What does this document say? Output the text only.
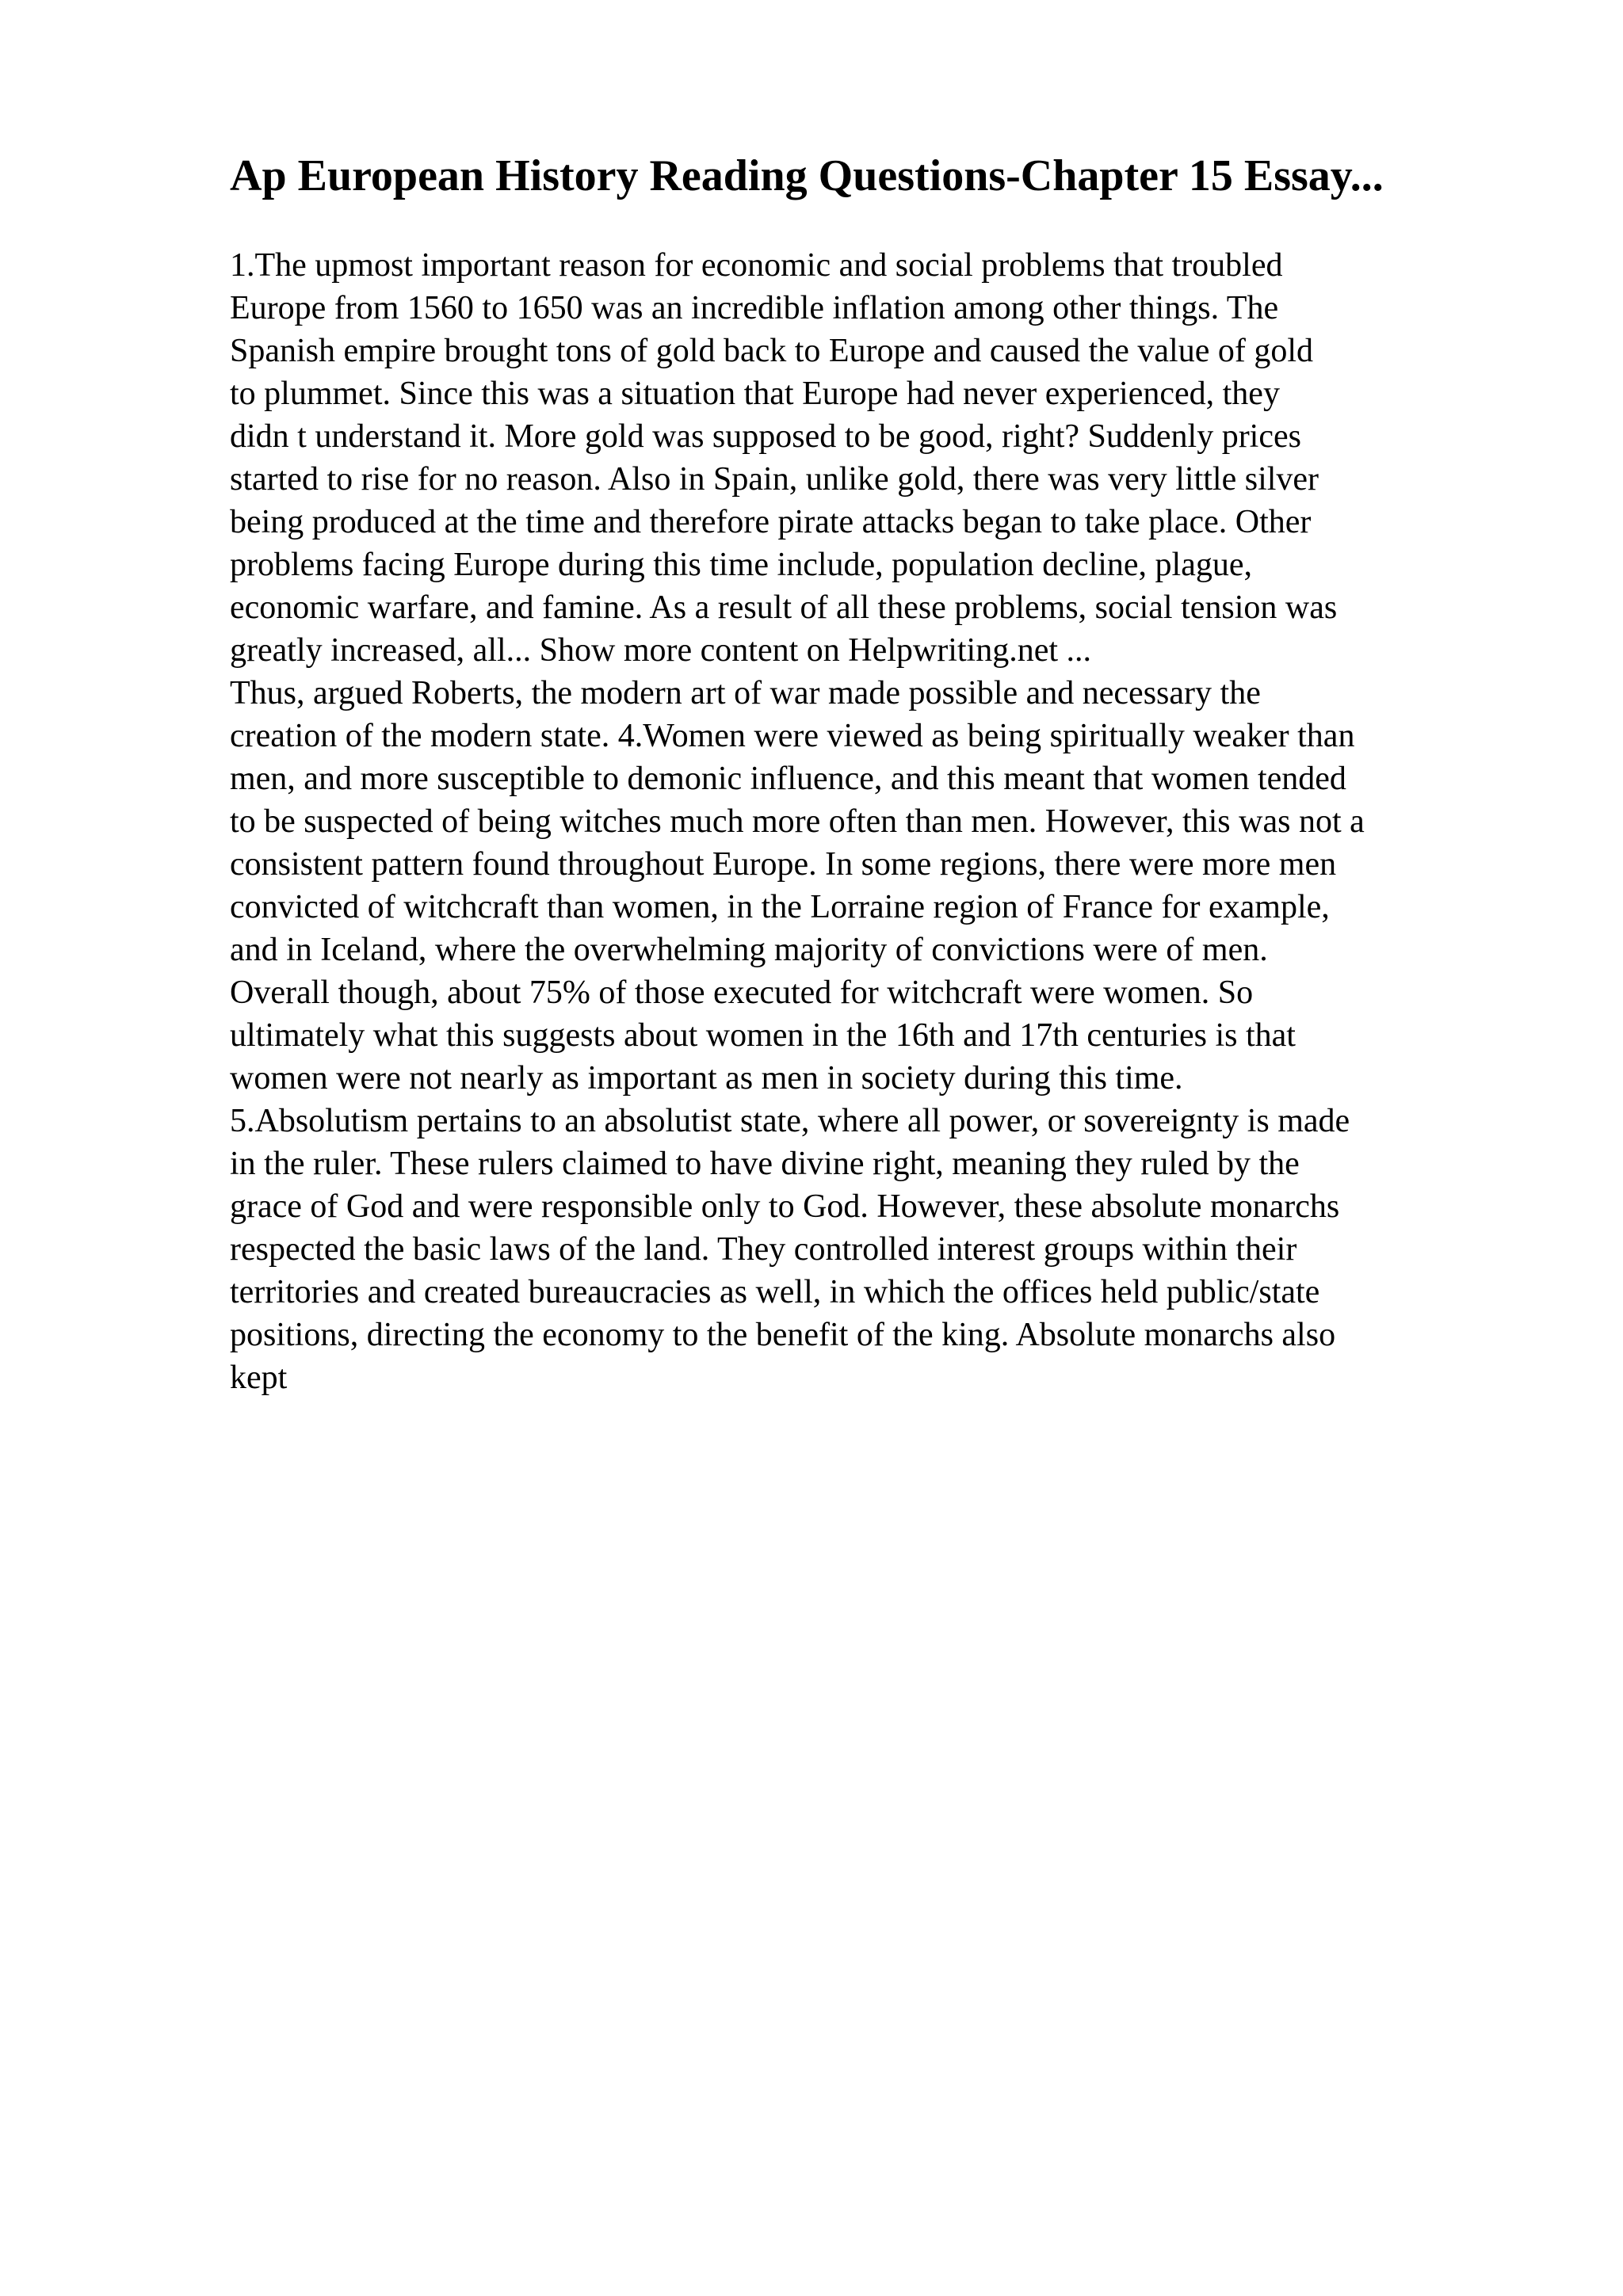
Ap European History Reading Questions-Chapter 15 Essay...
1.The upmost important reason for economic and social problems that troubled
Europe from 1560 to 1650 was an incredible inflation among other things. The
Spanish empire brought tons of gold back to Europe and caused the value of gold
to plummet. Since this was a situation that Europe had never experienced, they
didn t understand it. More gold was supposed to be good, right? Suddenly prices
started to rise for no reason. Also in Spain, unlike gold, there was very little silver
being produced at the time and therefore pirate attacks began to take place. Other
problems facing Europe during this time include, population decline, plague,
economic warfare, and famine. As a result of all these problems, social tension was
greatly increased, all... Show more content on Helpwriting.net ...
Thus, argued Roberts, the modern art of war made possible and necessary the
creation of the modern state. 4.Women were viewed as being spiritually weaker than
men, and more susceptible to demonic influence, and this meant that women tended
to be suspected of being witches much more often than men. However, this was not a
consistent pattern found throughout Europe. In some regions, there were more men
convicted of witchcraft than women, in the Lorraine region of France for example,
and in Iceland, where the overwhelming majority of convictions were of men.
Overall though, about 75% of those executed for witchcraft were women. So
ultimately what this suggests about women in the 16th and 17th centuries is that
women were not nearly as important as men in society during this time.
5.Absolutism pertains to an absolutist state, where all power, or sovereignty is made
in the ruler. These rulers claimed to have divine right, meaning they ruled by the
grace of God and were responsible only to God. However, these absolute monarchs
respected the basic laws of the land. They controlled interest groups within their
territories and created bureaucracies as well, in which the offices held public/state
positions, directing the economy to the benefit of the king. Absolute monarchs also
kept
